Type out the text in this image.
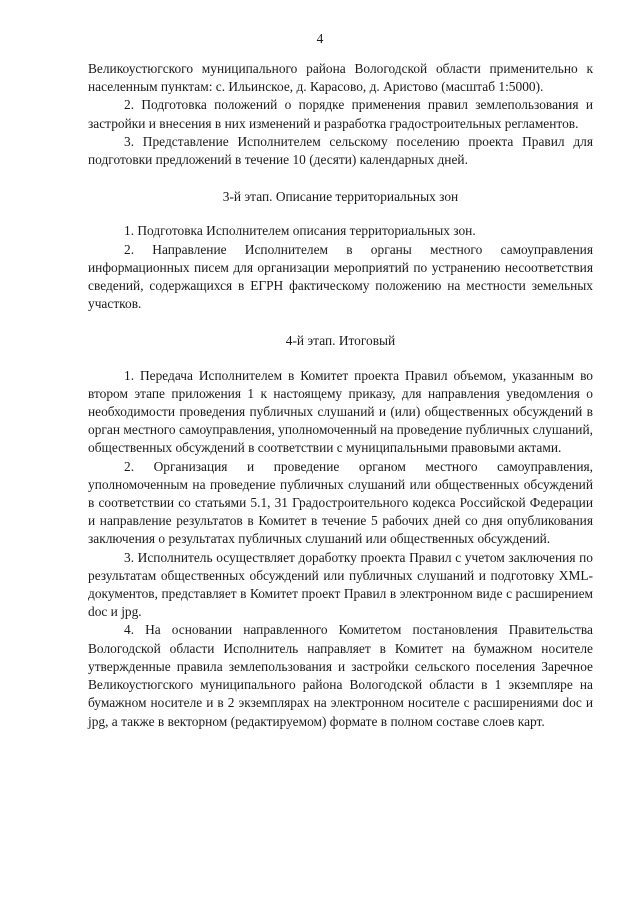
4

Великоустюгского муниципального района Вологодской области применительно к населенным пунктам: с. Ильинское, д. Карасово, д. Аристово (масштаб 1:5000).

2. Подготовка положений о порядке применения правил землепользования и застройки и внесения в них изменений и разработка градостроительных регламентов.

3. Представление Исполнителем сельскому поселению проекта Правил для подготовки предложений в течение 10 (десяти) календарных дней.

3-й этап. Описание территориальных зон

1. Подготовка Исполнителем описания территориальных зон.

2. Направление Исполнителем в органы местного самоуправления информационных писем для организации мероприятий по устранению несоответствия сведений, содержащихся в ЕГРН фактическому положению на местности земельных участков.

4-й этап. Итоговый

1. Передача Исполнителем в Комитет проекта Правил объемом, указанным во втором этапе приложения 1 к настоящему приказу, для направления уведомления о необходимости проведения публичных слушаний и (или) общественных обсуждений в орган местного самоуправления, уполномоченный на проведение публичных слушаний, общественных обсуждений в соответствии с муниципальными правовыми актами.

2. Организация и проведение органом местного самоуправления, уполномоченным на проведение публичных слушаний или общественных обсуждений в соответствии со статьями 5.1, 31 Градостроительного кодекса Российской Федерации и направление результатов в Комитет в течение 5 рабочих дней со дня опубликования заключения о результатах публичных слушаний или общественных обсуждений.

3. Исполнитель осуществляет доработку проекта Правил с учетом заключения по результатам общественных обсуждений или публичных слушаний и подготовку XML-документов, представляет в Комитет проект Правил в электронном виде с расширением doc и jpg.

4. На основании направленного Комитетом постановления Правительства Вологодской области Исполнитель направляет в Комитет на бумажном носителе утвержденные правила землепользования и застройки сельского поселения Заречное Великоустюгского муниципального района Вологодской области в 1 экземпляре на бумажном носителе и в 2 экземплярах на электронном носителе с расширениями doc и jpg, а также в векторном (редактируемом) формате в полном составе слоев карт.
